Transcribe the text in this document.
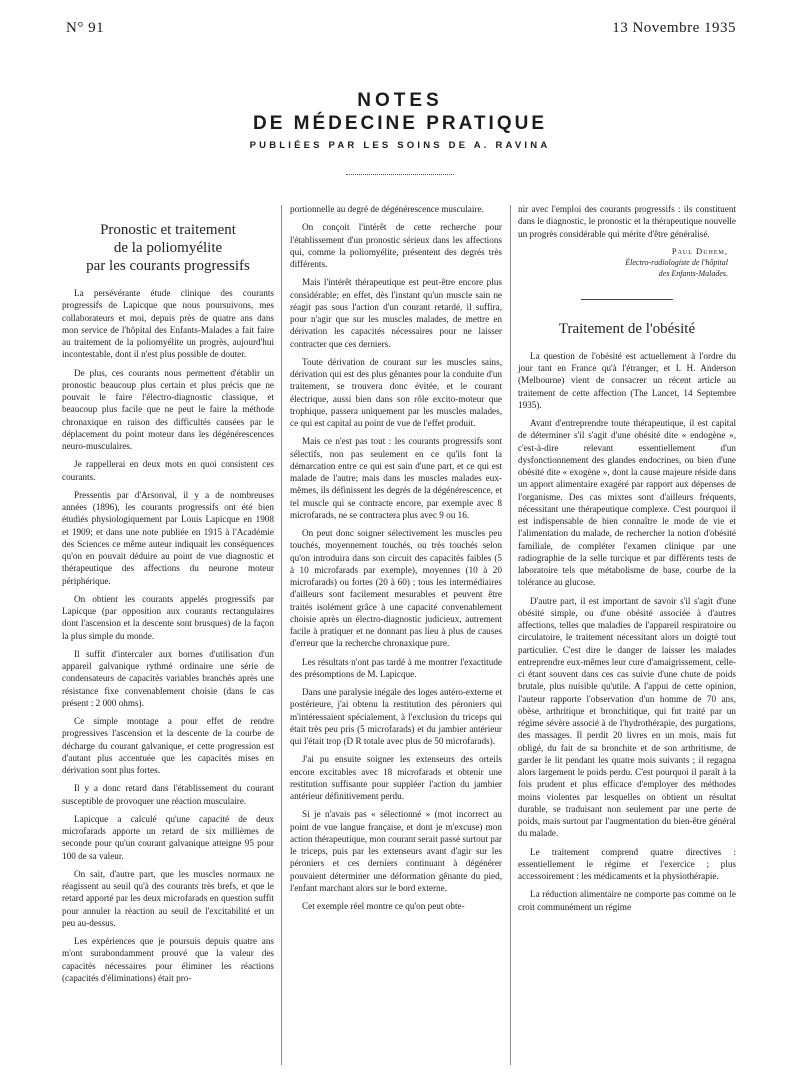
N° 91	13 Novembre 1935
NOTES
DE MÉDECINE PRATIQUE
PUBLIÉES PAR LES SOINS DE A. RAVINA
Pronostic et traitement
de la poliomyélite
par les courants progressifs

La persévérante étude clinique des courants progressifs de Lapicque que nous poursuivons, mes collaborateurs et moi, depuis près de quatre ans dans mon service de l'hôpital des Enfants-Malades a fait faire au traitement de la poliomyélite un progrès, aujourd'hui incontestable, dont il n'est plus possible de douter.

De plus, ces courants nous permettent d'établir un pronostic beaucoup plus certain et plus précis que ne pouvait le faire l'électro-diagnostic classique, et beaucoup plus facile que ne peut le faire la méthode chronaxique en raison des difficultés causées par le déplacement du point moteur dans les dégénérescences neuro-musculaires.

Je rappellerai en deux mots en quoi consistent ces courants.

Pressentis par d'Arsonval, il y a de nombreuses années (1896), les courants progressifs ont été bien étudiés physiologiquement par Louis Lapicque en 1908 et 1909; et dans une note publiée en 1915 à l'Académie des Sciences ce même auteur indiquait les conséquences qu'on en pouvait déduire au point de vue diagnostic et thérapeutique des affections du neurone moteur périphérique.

On obtient les courants appelés progressifs par Lapicque (par opposition aux courants rectangulaires dont l'ascension et la descente sont brusques) de la façon la plus simple du monde.

Il suffit d'intercaler aux bornes d'utilisation d'un appareil galvanique rythmé ordinaire une série de condensateurs de capacités variables branchés après une résistance fixe convenablement choisie (dans le cas présent : 2 000 ohms).

Ce simple montage a pour effet de rendre progressives l'ascension et la descente de la courbe de décharge du courant galvanique, et cette progression est d'autant plus accentuée que les capacités mises en dérivation sont plus fortes.

Il y a donc retard dans l'établissement du courant susceptible de provoquer une réaction musculaire.

Lapicque a calculé qu'une capacité de deux microfarads apporte un retard de six millièmes de seconde pour qu'un courant galvanique atteigne 95 pour 100 de sa valeur.

On sait, d'autre part, que les muscles normaux ne réagissent au seuil qu'à des courants très brefs, et que le retard apporté par les deux microfarads en question suffit pour annuler la réaction au seuil de l'excitabilité et un peu au-dessus.

Les expériences que je poursuis depuis quatre ans m'ont surabondamment prouvé que la valeur des capacités nécessaires pour éliminer les réactions (capacités d'éliminations) était pro-

portionnelle au degré de dégénérescence musculaire.

On conçoit l'intérêt de cette recherche pour l'établissement d'un pronostic sérieux dans les affections qui, comme la poliomyélite, présentent des degrés très différents.

Mais l'intérêt thérapeutique est peut-être encore plus considérable; en effet, dès l'instant qu'un muscle sain ne réagit pas sous l'action d'un courant retardé, il suffira, pour n'agir que sur les muscles malades, de mettre en dérivation les capacités nécessaires pour ne laisser contracter que ces derniers.

Toute dérivation de courant sur les muscles sains, dérivation qui est des plus gênantes pour la conduite d'un traitement, se trouvera donc évitée, et le courant électrique, aussi bien dans son rôle excito-moteur que trophique, passera uniquement par les muscles malades, ce qui est capital au point de vue de l'effet produit.

Mais ce n'est pas tout : les courants progressifs sont sélectifs, non pas seulement en ce qu'ils font la démarcation entre ce qui est sain d'une part, et ce qui est malade de l'autre; mais dans les muscles malades eux-mêmes, ils définissent les degrés de la dégénérescence, et tel muscle qui se contracte encore, par exemple avec 8 microfarads, ne se contractera plus avec 9 ou 16.

On peut donc soigner sélectivement les muscles peu touchés, moyennement touchés, ou très touchés selon qu'on introduira dans son circuit des capacités faibles (5 à 10 microfarads par exemple), moyennes (10 à 20 microfarads) ou fortes (20 à 60) ; tous les intermédiaires d'ailleurs sont facilement mesurables et peuvent être traités isolément grâce à une capacité convenablement choisie après un électro-diagnostic judicieux, autrement facile à pratiquer et ne donnant pas lieu à plus de causes d'erreur que la recherche chronaxique pure.

Les résultats n'ont pas tardé à me montrer l'exactitude des présomptions de M. Lapicque.

Dans une paralysie inégale des loges antéro-externe et postérieure, j'ai obtenu la restitution des péroniers qui m'intéressaient spécialement, à l'exclusion du triceps qui était très peu pris (5 microfarads) et du jambier antérieur qui l'était trop (D R totale avec plus de 50 microfarads).

J'ai pu ensuite soigner les extenseurs des orteils encore excitables avec 18 microfarads et obtenir une restitution suffisante pour suppléer l'action du jambier antérieur définitivement perdu.

Si je n'avais pas « sélectionné » (mot incorrect au point de vue langue française, et dont je m'excuse) mon action thérapeutique, mon courant serait passé surtout par le triceps, puis par les extenseurs avant d'agir sur les péroniers et ces derniers continuant à dégénérer pouvaient déterminer une déformation gênante du pied, l'enfant marchant alors sur le bord externe.

Cet exemple réel montre ce qu'on peut obte-

nir avec l'emploi des courants progressifs : ils constituent dans le diagnostic, le pronostic et la thérapeutique nouvelle un progrès considérable qui mérite d'être généralisé.

Paul Duhem,
Électro-radiologiste de l'hôpital
des Enfants-Malades.
Traitement de l'obésité

La question de l'obésité est actuellement à l'ordre du jour tant en France qu'à l'étranger, et I. H. Anderson (Melbourne) vient de consacrer un récent article au traitement de cette affection (The Lancet, 14 Septembre 1935).

Avant d'entreprendre toute thérapeutique, il est capital de déterminer s'il s'agit d'une obésité dite « endogène », c'est-à-dire relevant essentiellement d'un dysfonctionnement des glandes endocrines, ou bien d'une obésité dite « exogène », dont la cause majeure réside dans un apport alimentaire exagéré par rapport aux dépenses de l'organisme. Des cas mixtes sont d'ailleurs fréquents, nécessitant une thérapeutique complexe. C'est pourquoi il est indispensable de bien connaître le mode de vie et l'alimentation du malade, de rechercher la notion d'obésité familiale, de compléter l'examen clinique par une radiographie de la selle turcique et par différents tests de laboratoire tels que métabolisme de base, courbe de la tolérance au glucose.

D'autre part, il est important de savoir s'il s'agit d'une obésité simple, ou d'une obésité associée à d'autres affections, telles que maladies de l'appareil respiratoire ou circulatoire, le traitement nécessitant alors un doigté tout particulier. C'est dire le danger de laisser les malades entreprendre eux-mêmes leur cure d'amaigrissement, celle-ci étant souvent dans ces cas suivie d'une chute de poids brutale, plus nuisible qu'utile. A l'appui de cette opinion, l'auteur rapporte l'observation d'un homme de 70 ans, obèse, arthritique et bronchitique, qui fut traité par un régime sévère associé à de l'hydrothérapie, des purgations, des massages. Il perdit 20 livres en un mois, mais fut obligé, du fait de sa bronchite et de son arthritisme, de garder le lit pendant les quatre mois suivants ; il regagna alors largement le poids perdu. C'est pourquoi il paraît à la fois prudent et plus efficace d'employer des méthodes moins violentes par lesquelles on obtient un résultat durable, se traduisant non seulement par une perte de poids, mais surtout par l'augmentation du bien-être général du malade.

Le traitement comprend quatre directives : essentiellement le régime et l'exercice ; plus accessoirement : les médicaments et la physiothérapie.

La réduction alimentaire ne comporte pas comme on le croit communément un régime
